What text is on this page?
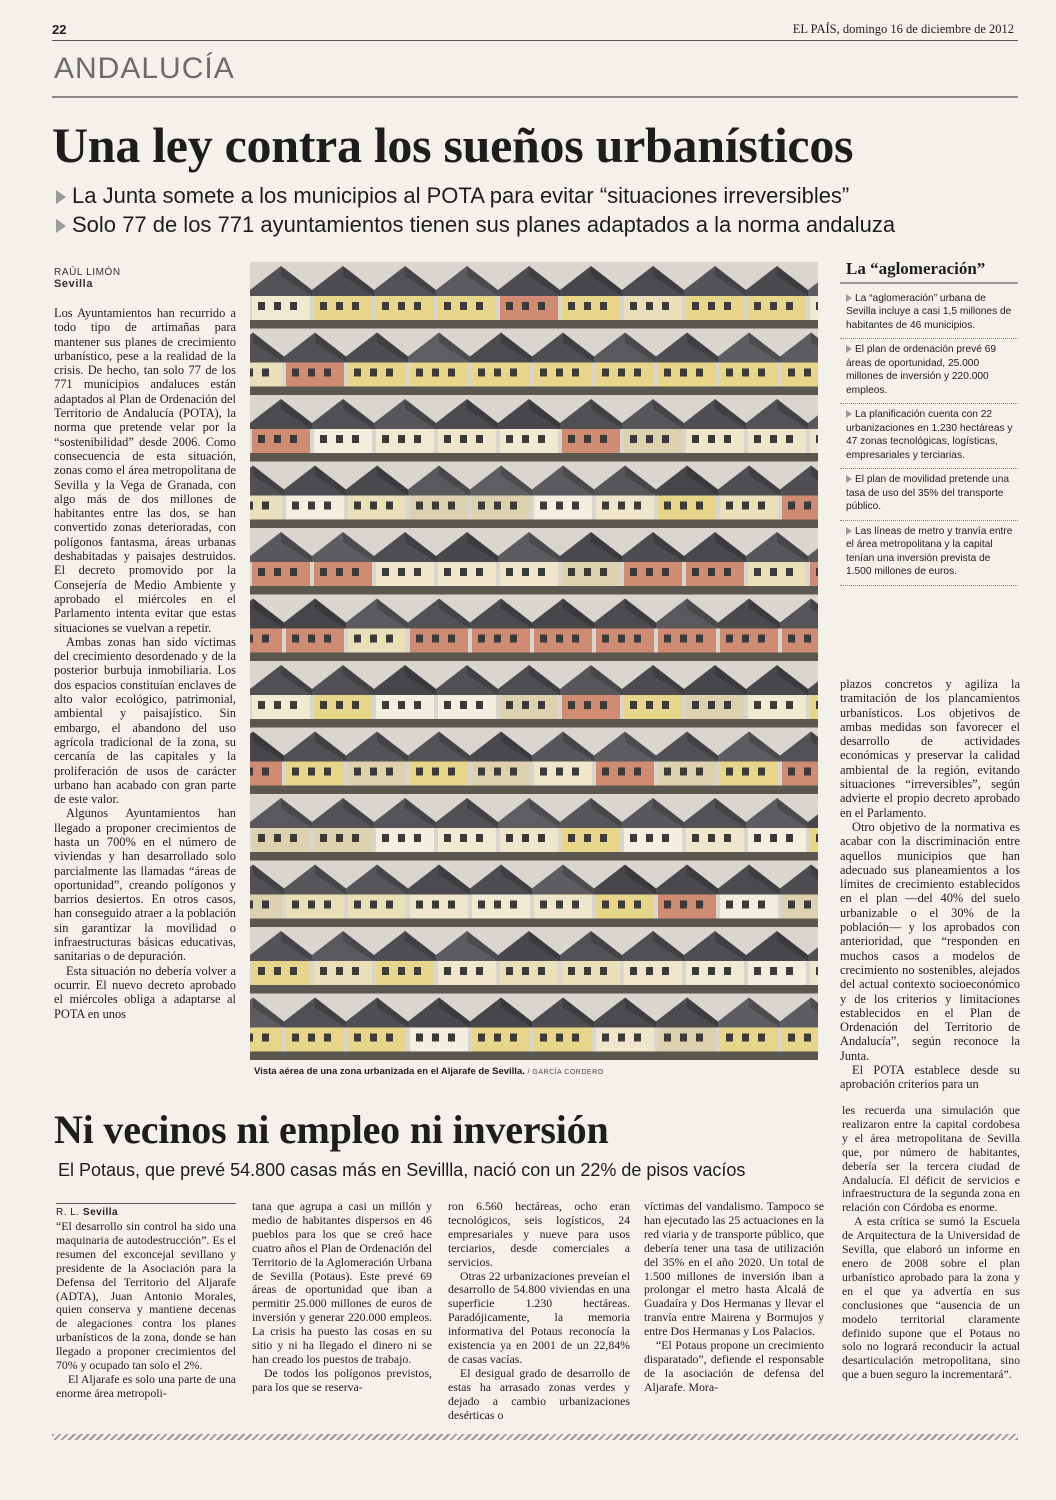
22	EL PAÍS, domingo 16 de diciembre de 2012
ANDALUCÍA
Una ley contra los sueños urbanísticos
La Junta somete a los municipios al POTA para evitar “situaciones irreversibles”
Solo 77 de los 771 ayuntamientos tienen sus planes adaptados a la norma andaluza
RAÚL LIMÓN
Sevilla

Los Ayuntamientos han recurrido a todo tipo de artimañas para mantener sus planes de crecimiento urbanístico, pese a la realidad de la crisis. De hecho, tan solo 77 de los 771 municipios andaluces están adaptados al Plan de Ordenación del Territorio de Andalucía (POTA), la norma que pretende velar por la “sostenibilidad” desde 2006. Como consecuencia de esta situación, zonas como el área metropolitana de Sevilla y la Vega de Granada, con algo más de dos millones de habitantes entre las dos, se han convertido zonas deterioradas, con polígonos fantasma, áreas urbanas deshabitadas y paisajes destruidos. El decreto promovido por la Consejería de Medio Ambiente y aprobado el miércoles en el Parlamento intenta evitar que estas situaciones se vuelvan a repetir.

Ambas zonas han sido víctimas del crecimiento desordenado y de la posterior burbuja inmobiliaria. Los dos espacios constituían enclaves de alto valor ecológico, patrimonial, ambiental y paisajístico. Sin embargo, el abandono del uso agrícola tradicional de la zona, su cercanía de las capitales y la proliferación de usos de carácter urbano han acabado con gran parte de este valor.

Algunos Ayuntamientos han llegado a proponer crecimientos de hasta un 700% en el número de viviendas y han desarrollado solo parcialmente las llamadas “áreas de oportunidad”, creando polígonos y barrios desiertos. En otros casos, han conseguido atraer a la población sin garantizar la movilidad o infraestructuras básicas educativas, sanitarias o de depuración.

Esta situación no debería volver a ocurrir. El nuevo decreto aprobado el miércoles obliga a adaptarse al POTA en unos

Vista aérea de una zona urbanizada en el Aljarafe de Sevilla. / GARCÍA CORDERO
La “aglomeración”
La “aglomeración” urbana de Sevilla incluye a casi 1,5 millones de habitantes de 46 municipios.
El plan de ordenación prevé 69 áreas de oportunidad, 25.000 millones de inversión y 220.000 empleos.
La planificación cuenta con 22 urbanizaciones en 1.230 hectáreas y 47 zonas tecnológicas, logísticas, empresariales y terciarias.
El plan de movilidad pretende una tasa de uso del 35% del transporte público.
Las líneas de metro y tranvía entre el área metropolitana y la capital tenían una inversión prevista de 1.500 millones de euros.

plazos concretos y agiliza la tramitación de los plancamientos urbanísticos. Los objetivos de ambas medidas son favorecer el desarrollo de actividades económicas y preservar la calidad ambiental de la región, evitando situaciones “irreversibles”, según advierte el propio decreto aprobado en el Parlamento.

Otro objetivo de la normativa es acabar con la discriminación entre aquellos municipios que han adecuado sus planeamientos a los límites de crecimiento establecidos en el plan —del 40% del suelo urbanizable o el 30% de la población— y los aprobados con anterioridad, que “responden en muchos casos a modelos de crecimiento no sostenibles, alejados del actual contexto socioeconómico y de los criterios y limitaciones establecidos en el Plan de Ordenación del Territorio de Andalucía”, según reconoce la Junta.

El POTA establece desde su aprobación criterios para un

Ni vecinos ni empleo ni inversión
El Potaus, que prevé 54.800 casas más en Sevillla, nació con un 22% de pisos vacíos
R. L. Sevilla

“El desarrollo sin control ha sido una maquinaria de autodestrucción”. Es el resumen del exconcejal sevillano y presidente de la Asociación para la Defensa del Territorio del Aljarafe (ADTA), Juan Antonio Morales, quien conserva y mantiene decenas de alegaciones contra los planes urbanísticos de la zona, donde se han llegado a proponer crecimientos del 70% y ocupado tan solo el 2%.

El Aljarafe es solo una parte de una enorme área metropoli-

tana que agrupa a casi un millón y medio de habitantes dispersos en 46 pueblos para los que se creó hace cuatro años el Plan de Ordenación del Territorio de la Aglomeración Urbana de Sevilla (Potaus). Este prevé 69 áreas de oportunidad que iban a permitir 25.000 millones de euros de inversión y generar 220.000 empleos. La crisis ha puesto las cosas en su sitio y ni ha llegado el dinero ni se han creado los puestos de trabajo.

De todos los polígonos previstos, para los que se reserva-

ron 6.560 hectáreas, ocho eran tecnológicos, seis logísticos, 24 empresariales y nueve para usos terciarios, desde comerciales a servicios.

Otras 22 urbanizaciones preveían el desarrollo de 54.800 viviendas en una superficie 1.230 hectáreas. Paradójicamente, la memoria informativa del Potaus reconocía la existencia ya en 2001 de un 22,84% de casas vacías.

El desigual grado de desarrollo de estas ha arrasado zonas verdes y dejado a cambio urbanizaciones desérticas o

víctimas del vandalismo. Tampoco se han ejecutado las 25 actuaciones en la red viaria y de transporte público, que debería tener una tasa de utilización del 35% en el año 2020. Un total de 1.500 millones de inversión iban a prolongar el metro hasta Alcalá de Guadaíra y Dos Hermanas y llevar el tranvía entre Mairena y Bormujos y entre Dos Hermanas y Los Palacios.

“El Potaus propone un crecimiento disparatado”, defiende el responsable de la asociación de defensa del Aljarafe. Mora-

les recuerda una simulación que realizaron entre la capital cordobesa y el área metropolitana de Sevilla que, por número de habitantes, debería ser la tercera ciudad de Andalucía. El déficit de servicios e infraestructura de la segunda zona en relación con Córdoba es enorme.

A esta crítica se sumó la Escuela de Arquitectura de la Universidad de Sevilla, que elaboró un informe en enero de 2008 sobre el plan urbanístico aprobado para la zona y en el que ya advertía en sus conclusiones que “ausencia de un modelo territorial claramente definido supone que el Potaus no solo no logrará reconducir la actual desarticulación metropolitana, sino que a buen seguro la incrementará”.
